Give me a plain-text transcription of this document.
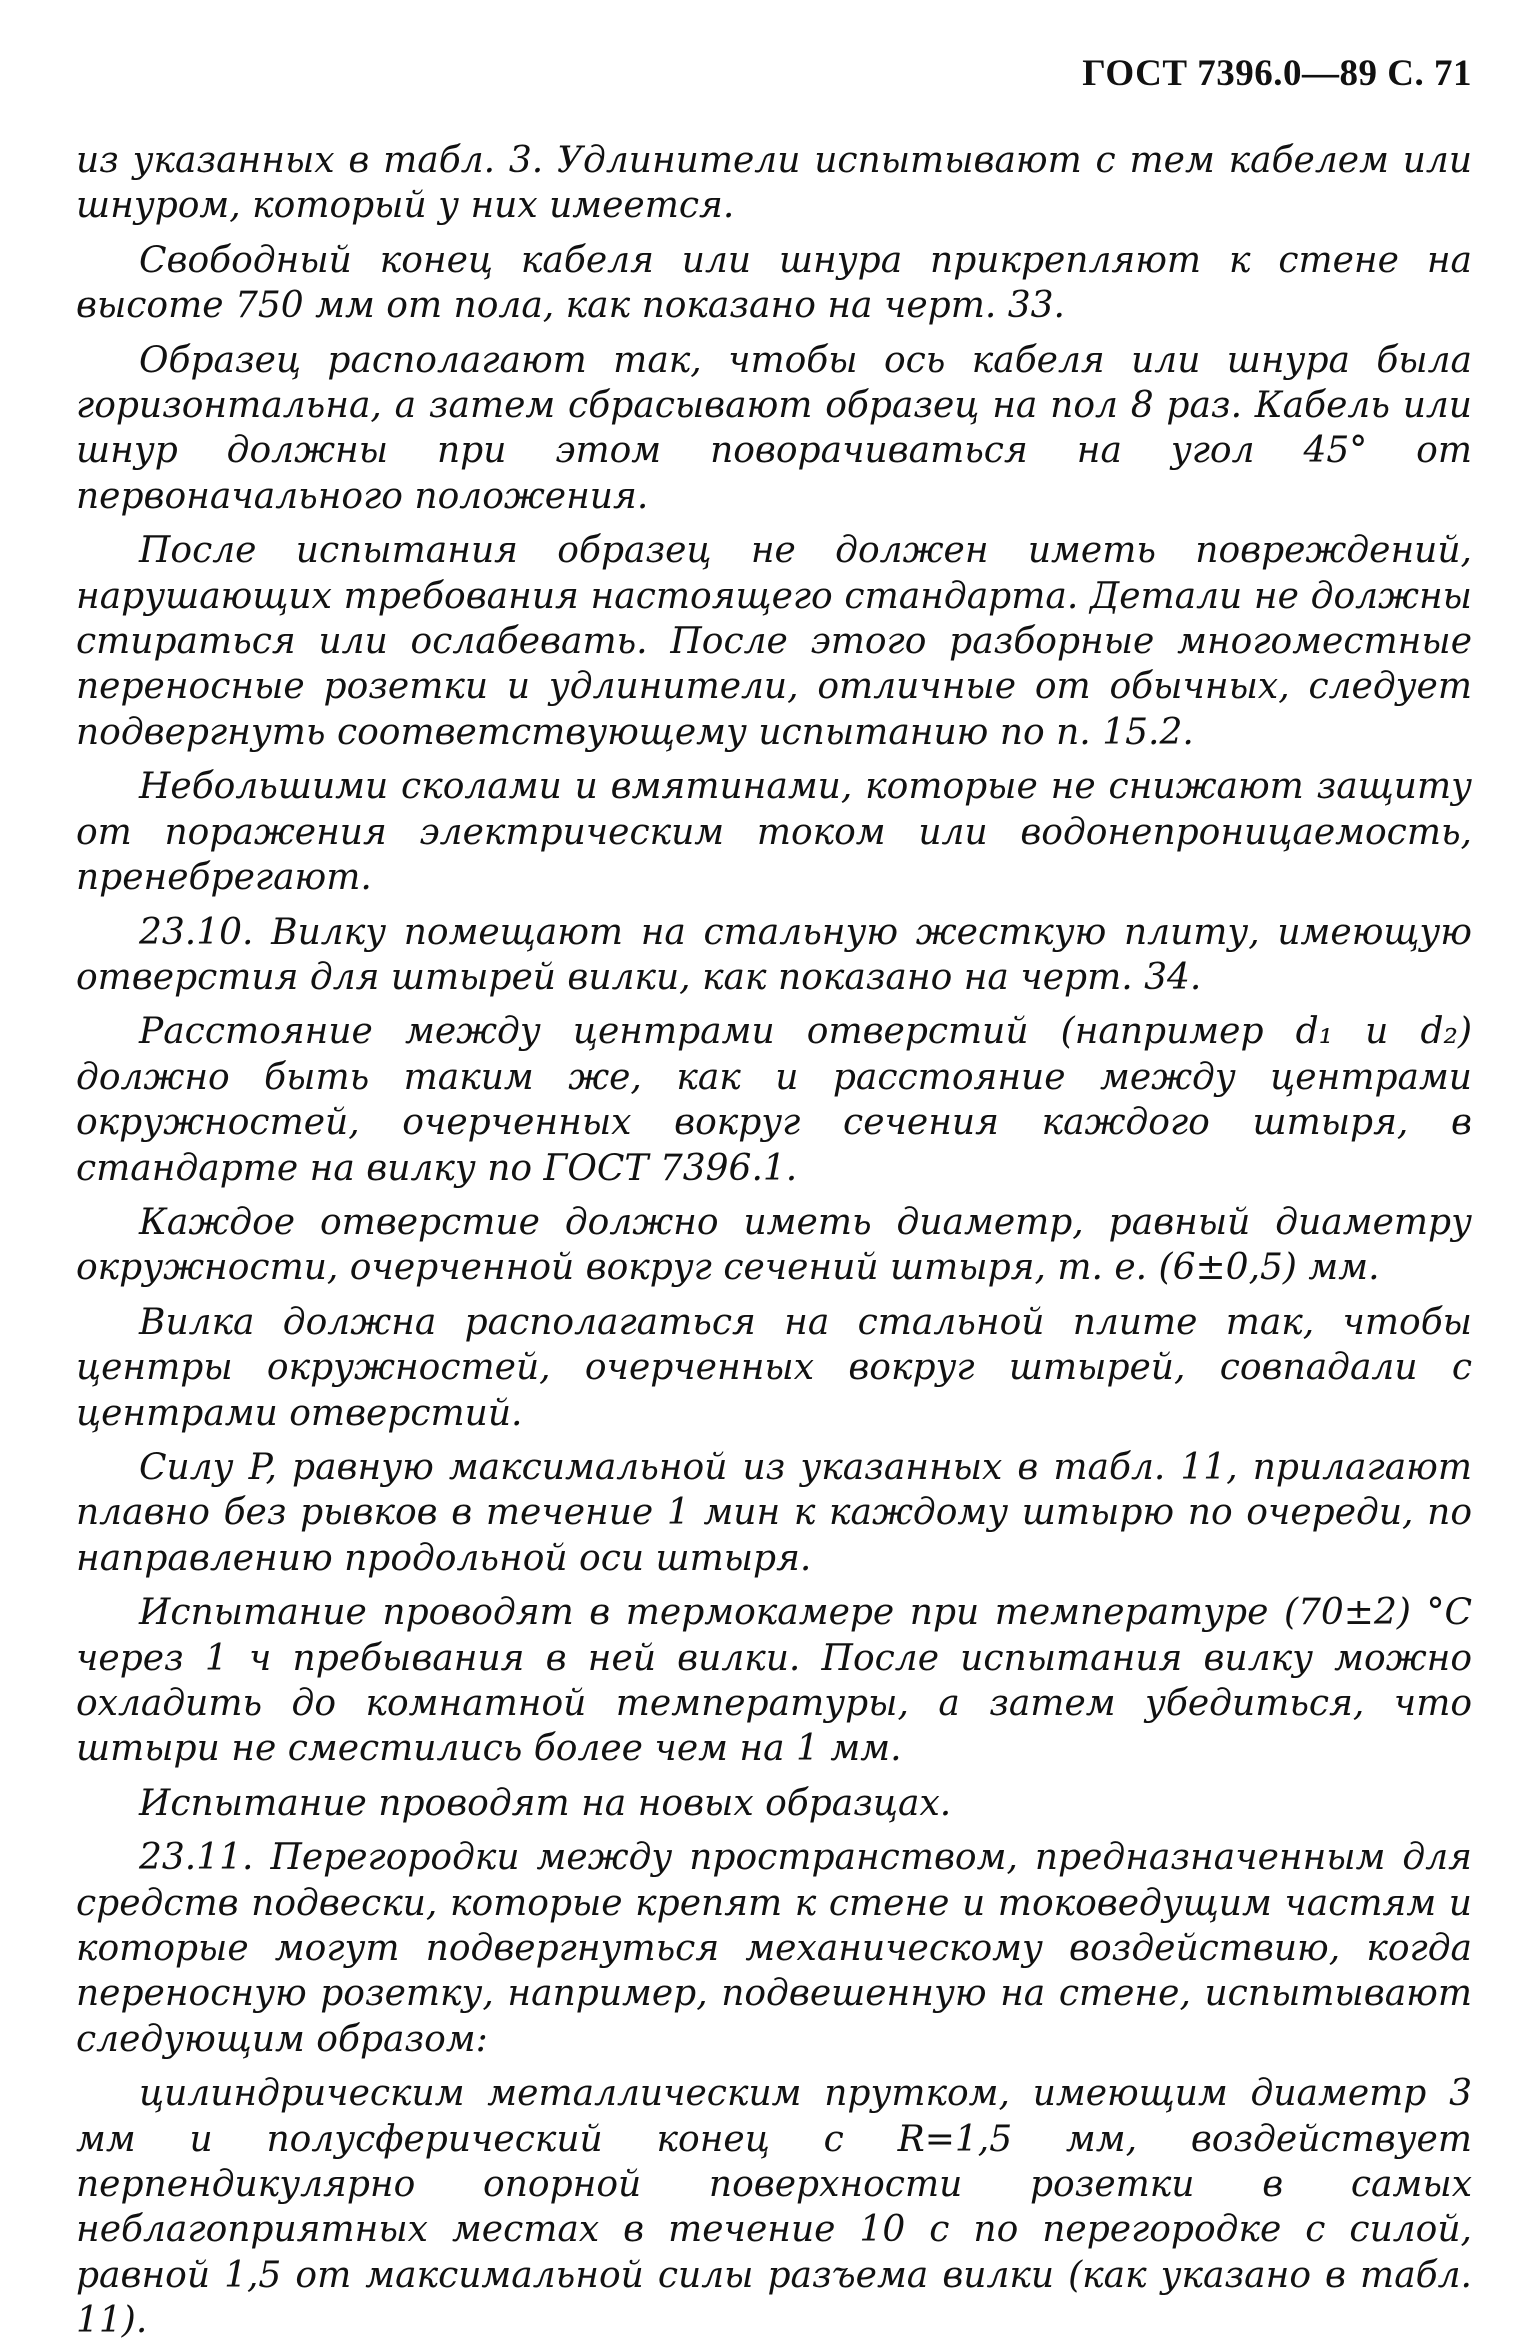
ГОСТ 7396.0—89 С. 71

из указанных в табл. 3. Удлинители испытывают с тем кабелем или шнуром, который у них имеется.

Свободный конец кабеля или шнура прикрепляют к стене на высоте 750 мм от пола, как показано на черт. 33.

Образец располагают так, чтобы ось кабеля или шнура была горизонтальна, а затем сбрасывают образец на пол 8 раз. Кабель или шнур должны при этом поворачиваться на угол 45° от первоначального положения.

После испытания образец не должен иметь повреждений, нарушающих требования настоящего стандарта. Детали не должны стираться или ослабевать. После этого разборные многоместные переносные розетки и удлинители, отличные от обычных, следует подвергнуть соответствующему испытанию по п. 15.2.

Небольшими сколами и вмятинами, которые не снижают защиту от поражения электрическим током или водонепроницаемость, пренебрегают.

23.10. Вилку помещают на стальную жесткую плиту, имеющую отверстия для штырей вилки, как показано на черт. 34.

Расстояние между центрами отверстий (например d₁ и d₂) должно быть таким же, как и расстояние между центрами окружностей, очерченных вокруг сечения каждого штыря, в стандарте на вилку по ГОСТ 7396.1.

Каждое отверстие должно иметь диаметр, равный диаметру окружности, очерченной вокруг сечений штыря, т. е. (6±0,5) мм.

Вилка должна располагаться на стальной плите так, чтобы центры окружностей, очерченных вокруг штырей, совпадали с центрами отверстий.

Силу P, равную максимальной из указанных в табл. 11, прилагают плавно без рывков в течение 1 мин к каждому штырю по очереди, по направлению продольной оси штыря.

Испытание проводят в термокамере при температуре (70±2) °С через 1 ч пребывания в ней вилки. После испытания вилку можно охладить до комнатной температуры, а затем убедиться, что штыри не сместились более чем на 1 мм.

Испытание проводят на новых образцах.

23.11. Перегородки между пространством, предназначенным для средств подвески, которые крепят к стене и токоведущим частям и которые могут подвергнуться механическому воздействию, когда переносную розетку, например, подвешенную на стене, испытывают следующим образом:

цилиндрическим металлическим прутком, имеющим диаметр 3 мм и полусферический конец с R=1,5 мм, воздействует перпендикулярно опорной поверхности розетки в самых неблагоприятных местах в течение 10 с по перегородке с силой, равной 1,5 от максимальной силы разъема вилки (как указано в табл. 11).
